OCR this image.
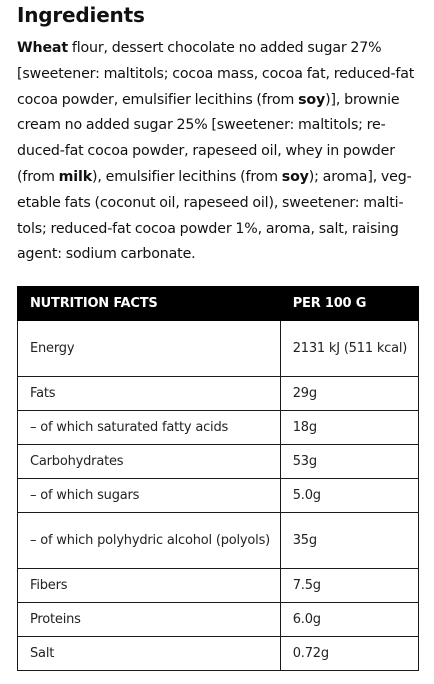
Ingredients

Wheat flour, dessert chocolate no added sugar 27%
[sweetener: maltitols; cocoa mass, cocoa fat, reduced-fat
cocoa powder, emulsifier lecithins (from soy)], brownie
cream no added sugar 25% [sweetener: maltitols; re-
duced-fat cocoa powder, rapeseed oil, whey in powder
(from milk), emulsifier lecithins (from soy); aroma], veg-
etable fats (coconut oil, rapeseed oil), sweetener: malti-
tols; reduced-fat cocoa powder 1%, aroma, salt, raising
agent: sodium carbonate.

NUTRITION FACTS	PER 100 G
Energy	2131 kJ (511 kcal)
Fats	29g
– of which saturated fatty acids	18g
Carbohydrates	53g
– of which sugars	5.0g
– of which polyhydric alcohol (polyols)	35g
Fibers	7.5g
Proteins	6.0g
Salt	0.72g
